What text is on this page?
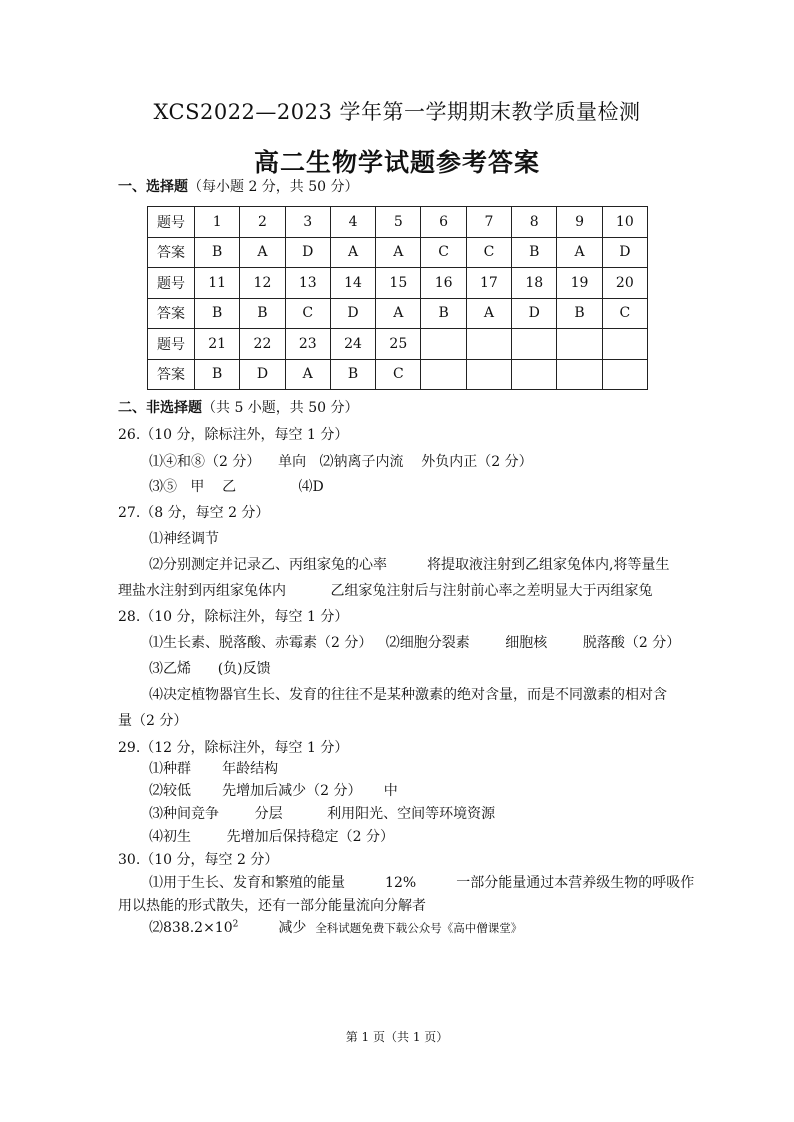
XCS2022—2023 学年第一学期期末教学质量检测
高二生物学试题参考答案
一、选择题（每小题 2 分，共 50 分）
题号	1	2	3	4	5	6	7	8	9	10
答案	B	A	D	A	A	C	C	B	A	D
题号	11	12	13	14	15	16	17	18	19	20
答案	B	B	C	D	A	B	A	D	B	C
题号	21	22	23	24	25					
答案	B	D	A	B	C					
二、非选择题（共 5 小题，共 50 分）
26.（10 分，除标注外，每空 1 分）
⑴④和⑧（2 分）    单向   ⑵钠离子内流    外负内正（2 分）
⑶⑤   甲    乙              ⑷D
27.（8 分，每空 2 分）
⑴神经调节
⑵分别测定并记录乙、丙组家兔的心率         将提取液注射到乙组家兔体内,将等量生
理盐水注射到丙组家兔体内          乙组家兔注射后与注射前心率之差明显大于丙组家兔
28.（10 分，除标注外，每空 1 分）
⑴生长素、脱落酸、赤霉素（2 分）   ⑵细胞分裂素        细胞核        脱落酸（2 分）
⑶乙烯      (负)反馈
⑷决定植物器官生长、发育的往往不是某种激素的绝对含量，而是不同激素的相对含
量（2 分）
29.（12 分，除标注外，每空 1 分）
⑴种群       年龄结构
⑵较低       先增加后减少（2 分）     中
⑶种间竞争        分层          利用阳光、空间等环境资源
⑷初生        先增加后保持稳定（2 分）
30.（10 分，每空 2 分）
⑴用于生长、发育和繁殖的能量         12%         一部分能量通过本营养级生物的呼吸作
用以热能的形式散失，还有一部分能量流向分解者
$⑵838.2\times 10^2$         减少  全科试题免费下载公众号《高中僧课堂》
第 1 页（共 1 页）
